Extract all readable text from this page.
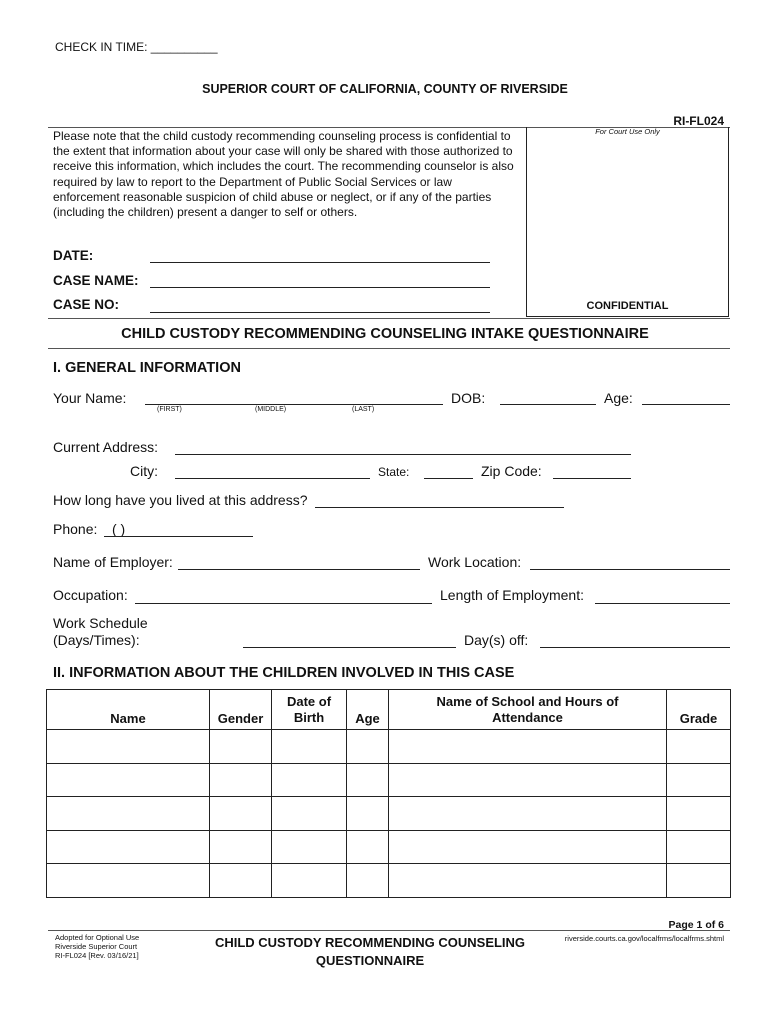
CHECK IN TIME: __________
SUPERIOR COURT OF CALIFORNIA, COUNTY OF RIVERSIDE
RI-FL024
For Court Use Only
CONFIDENTIAL
Please note that the child custody recommending counseling process is confidential to the extent that information about your case will only be shared with those authorized to receive this information, which includes the court. The recommending counselor is also required by law to report to the Department of Public Social Services or law enforcement reasonable suspicion of child abuse or neglect, or if any of the parties (including the children) present a danger to self or others.
DATE:
CASE NAME:
CASE NO:
CHILD CUSTODY RECOMMENDING COUNSELING INTAKE QUESTIONNAIRE
I. GENERAL INFORMATION
Your Name:
(FIRST)	(MIDDLE)	(LAST)
DOB:	Age:
Current Address:
City:	State:	Zip Code:
How long have you lived at this address?
Phone: ( )
Name of Employer:	Work Location:
Occupation:	Length of Employment:
Work Schedule
(Days/Times):	Day(s) off:
II. INFORMATION ABOUT THE CHILDREN INVOLVED IN THIS CASE
Name	Gender	Date of Birth	Age	Name of School and Hours of Attendance	Grade

Page 1 of 6
Adopted for Optional Use
Riverside Superior Court
RI-FL024 [Rev. 03/16/21]
CHILD CUSTODY RECOMMENDING COUNSELING
QUESTIONNAIRE
riverside.courts.ca.gov/localfrms/localfrms.shtml
